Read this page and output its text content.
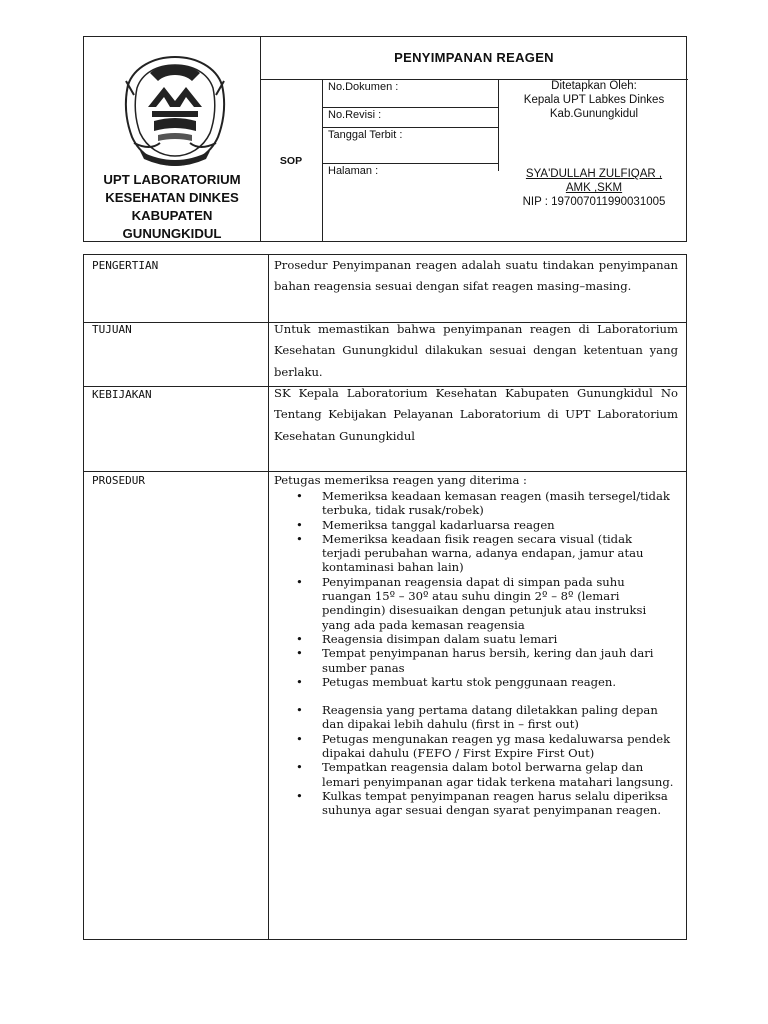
UPT LABORATORIUM
KESEHATAN DINKES
KABUPATEN
GUNUNGKIDUL
PENYIMPANAN REAGEN
SOP
No.Dokumen :
No.Revisi :
Tanggal Terbit :
Halaman :
Ditetapkan Oleh:
Kepala UPT Labkes Dinkes
Kab.Gunungkidul
SYA'DULLAH ZULFIQAR ,
AMK ,SKM
NIP : 197007011990031005
PENGERTIAN	Prosedur Penyimpanan reagen adalah suatu tindakan penyimpanan bahan reagensia sesuai dengan sifat reagen masing–masing.
TUJUAN	Untuk memastikan bahwa penyimpanan reagen di Laboratorium Kesehatan Gunungkidul dilakukan sesuai dengan ketentuan yang berlaku.
KEBIJAKAN	SK Kepala Laboratorium Kesehatan Kabupaten Gunungkidul No Tentang Kebijakan Pelayanan Laboratorium di UPT Laboratorium Kesehatan Gunungkidul
PROSEDUR	Petugas memeriksa reagen yang diterima :
• Memeriksa keadaan kemasan reagen (masih tersegel/tidak terbuka, tidak rusak/robek)
• Memeriksa tanggal kadarluarsa reagen
• Memeriksa keadaan fisik reagen secara visual (tidak terjadi perubahan warna, adanya endapan, jamur atau kontaminasi bahan lain)
• Penyimpanan reagensia dapat di simpan pada suhu ruangan 15º – 30º atau suhu dingin 2º – 8º (lemari pendingin) disesuaikan dengan petunjuk atau instruksi yang ada pada kemasan reagensia
• Reagensia disimpan dalam suatu lemari
• Tempat penyimpanan harus bersih, kering dan jauh dari sumber panas
• Petugas membuat kartu stok penggunaan reagen.
• Reagensia yang pertama datang diletakkan paling depan dan dipakai lebih dahulu (first in – first out)
• Petugas mengunakan reagen yg masa kedaluwarsa pendek dipakai dahulu (FEFO / First Expire First Out)
• Tempatkan reagensia dalam botol berwarna gelap dan lemari penyimpanan agar tidak terkena matahari langsung.
• Kulkas tempat penyimpanan reagen harus selalu diperiksa suhunya agar sesuai dengan syarat penyimpanan reagen.
